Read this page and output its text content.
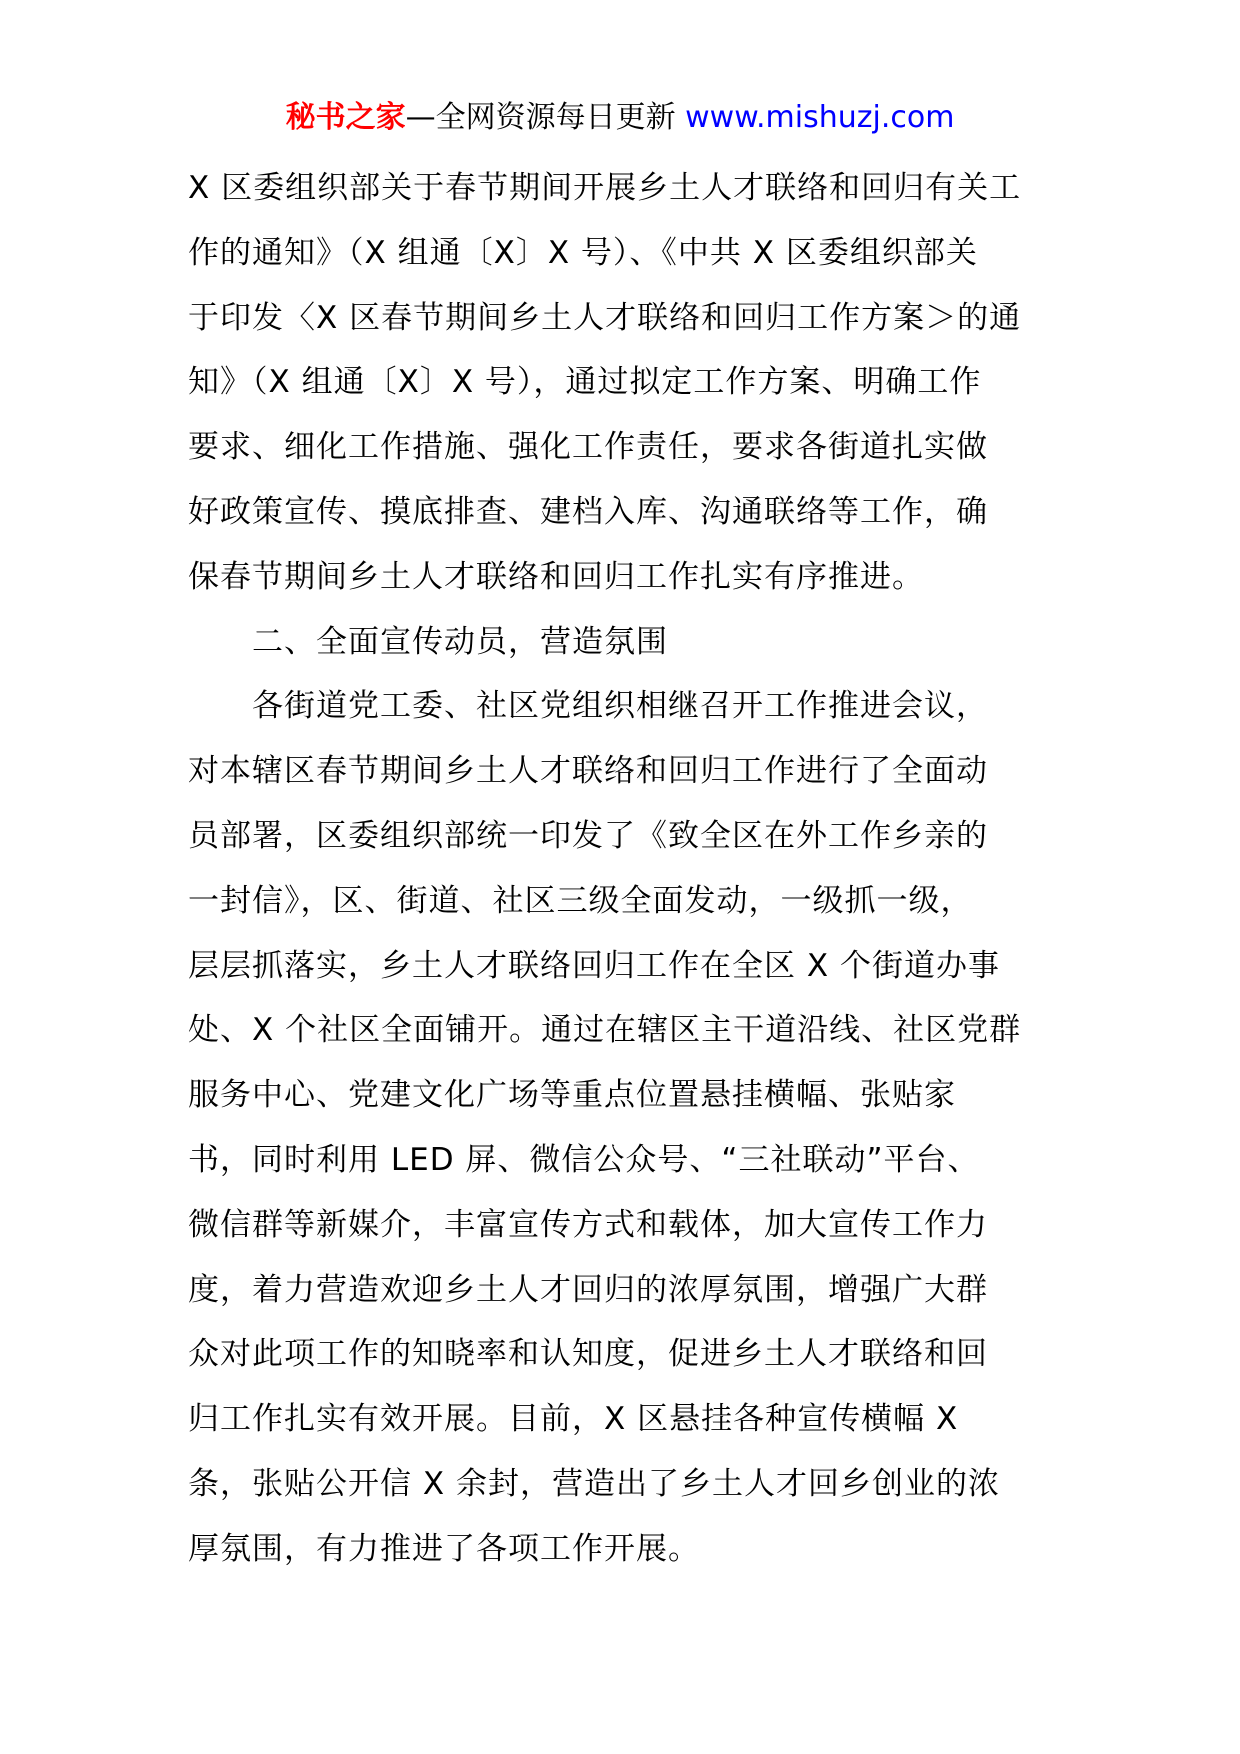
秘书之家—全网资源每日更新 www.mishuzj.com
X 区委组织部关于春节期间开展乡土人才联络和回归有关工
作的通知》（X 组通〔X〕X 号）、《中共 X 区委组织部关
于印发〈X 区春节期间乡土人才联络和回归工作方案＞的通
知》（X 组通〔X〕X 号），通过拟定工作方案、明确工作
要求、细化工作措施、强化工作责任，要求各街道扎实做
好政策宣传、摸底排查、建档入库、沟通联络等工作，确
保春节期间乡土人才联络和回归工作扎实有序推进。
二、全面宣传动员，营造氛围
各街道党工委、社区党组织相继召开工作推进会议，
对本辖区春节期间乡土人才联络和回归工作进行了全面动
员部署，区委组织部统一印发了《致全区在外工作乡亲的
一封信》，区、街道、社区三级全面发动，一级抓一级，
层层抓落实，乡土人才联络回归工作在全区 X 个街道办事
处、X 个社区全面铺开。通过在辖区主干道沿线、社区党群
服务中心、党建文化广场等重点位置悬挂横幅、张贴家
书，同时利用 LED 屏、微信公众号、“三社联动”平台、
微信群等新媒介，丰富宣传方式和载体，加大宣传工作力
度，着力营造欢迎乡土人才回归的浓厚氛围，增强广大群
众对此项工作的知晓率和认知度，促进乡土人才联络和回
归工作扎实有效开展。目前，X 区悬挂各种宣传横幅 X
条，张贴公开信 X 余封，营造出了乡土人才回乡创业的浓
厚氛围，有力推进了各项工作开展。
